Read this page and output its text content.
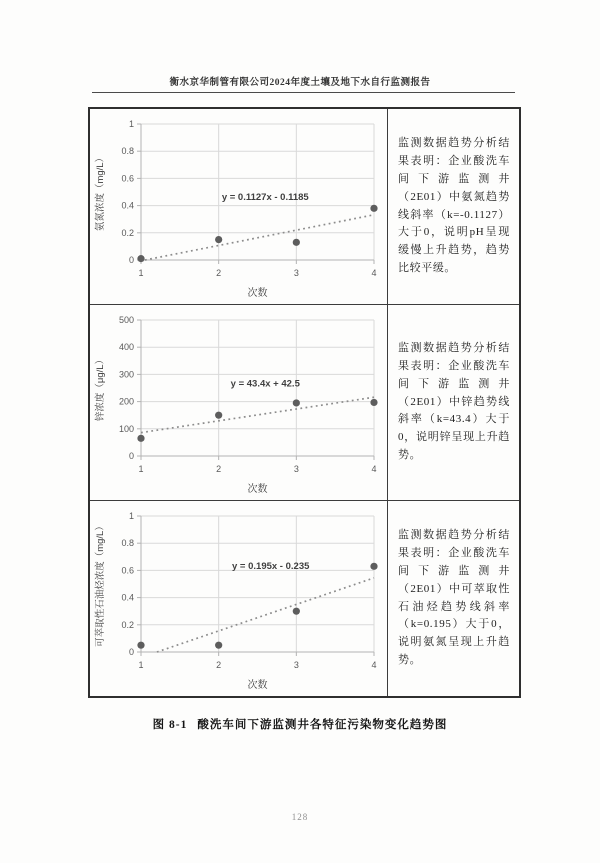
衡水京华制管有限公司2024年度土壤及地下水自行监测报告
0
0.2
0.4
0.6
0.8
1
1	2	3	4
y = 0.1127x - 0.1185
次数
氨氮浓度（mg/L）

监测数据趋势分析结果表明：企业酸洗车间下游监测井（2E01）中氨氮趋势线斜率（k=-0.1127）大于0，说明pH呈现缓慢上升趋势，趋势比较平缓。

0
100
200
300
400
500
1	2	3	4
y = 43.4x + 42.5
次数
锌浓度（μg/L）

监测数据趋势分析结果表明：企业酸洗车间下游监测井（2E01）中锌趋势线斜率（k=43.4）大于0，说明锌呈现上升趋势。

0
0.2
0.4
0.6
0.8
1
1	2	3	4
y = 0.195x - 0.235
次数
可萃取性石油烃浓度（mg/L）	监测数据趋势分析结果表明：企业酸洗车间下游监测井（2E01）中可萃取性石油烃趋势线斜率（k=0.195）大于0，说明氨氮呈现上升趋势。

图 8-1 酸洗车间下游监测井各特征污染物变化趋势图
128
